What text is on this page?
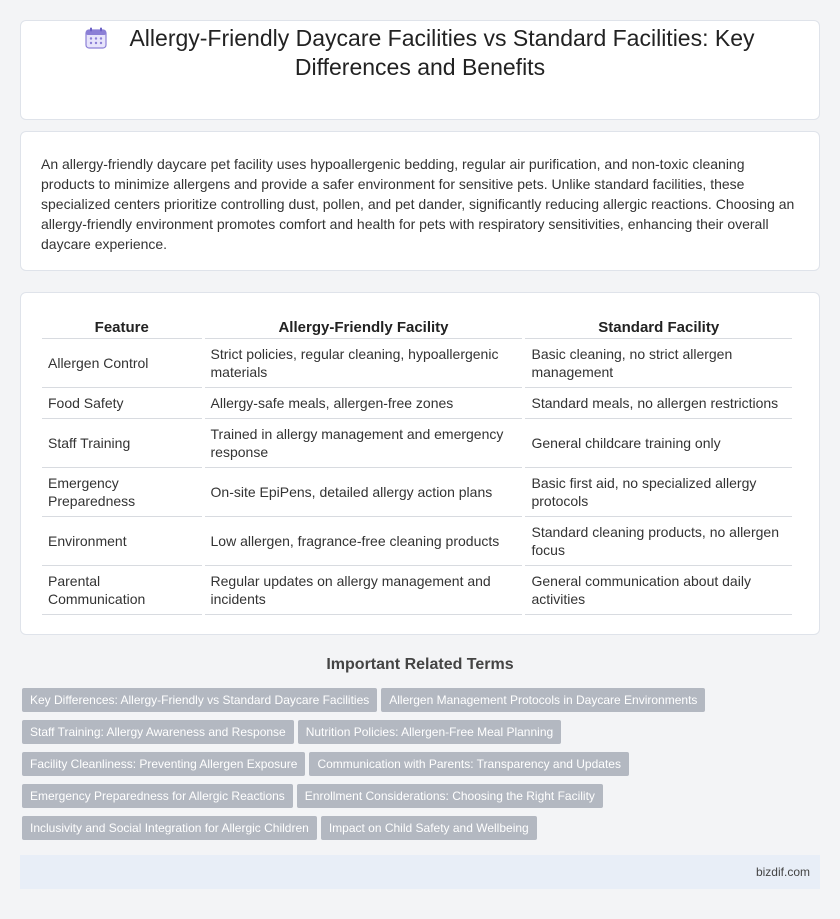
Allergy-Friendly Daycare Facilities vs Standard Facilities: Key Differences and Benefits

An allergy-friendly daycare pet facility uses hypoallergenic bedding, regular air purification, and non-toxic cleaning products to minimize allergens and provide a safer environment for sensitive pets. Unlike standard facilities, these specialized centers prioritize controlling dust, pollen, and pet dander, significantly reducing allergic reactions. Choosing an allergy-friendly environment promotes comfort and health for pets with respiratory sensitivities, enhancing their overall daycare experience.

Feature	Allergy-Friendly Facility	Standard Facility
Allergen Control	Strict policies, regular cleaning, hypoallergenic materials	Basic cleaning, no strict allergen management
Food Safety	Allergy-safe meals, allergen-free zones	Standard meals, no allergen restrictions
Staff Training	Trained in allergy management and emergency response	General childcare training only
Emergency Preparedness	On-site EpiPens, detailed allergy action plans	Basic first aid, no specialized allergy protocols
Environment	Low allergen, fragrance-free cleaning products	Standard cleaning products, no allergen focus
Parental Communication	Regular updates on allergy management and incidents	General communication about daily activities
Important Related Terms
Key Differences: Allergy-Friendly vs Standard Daycare Facilities Allergen Management Protocols in Daycare Environments
Staff Training: Allergy Awareness and Response Nutrition Policies: Allergen-Free Meal Planning
Facility Cleanliness: Preventing Allergen Exposure Communication with Parents: Transparency and Updates
Emergency Preparedness for Allergic Reactions Enrollment Considerations: Choosing the Right Facility
Inclusivity and Social Integration for Allergic Children Impact on Child Safety and Wellbeing
bizdif.com
